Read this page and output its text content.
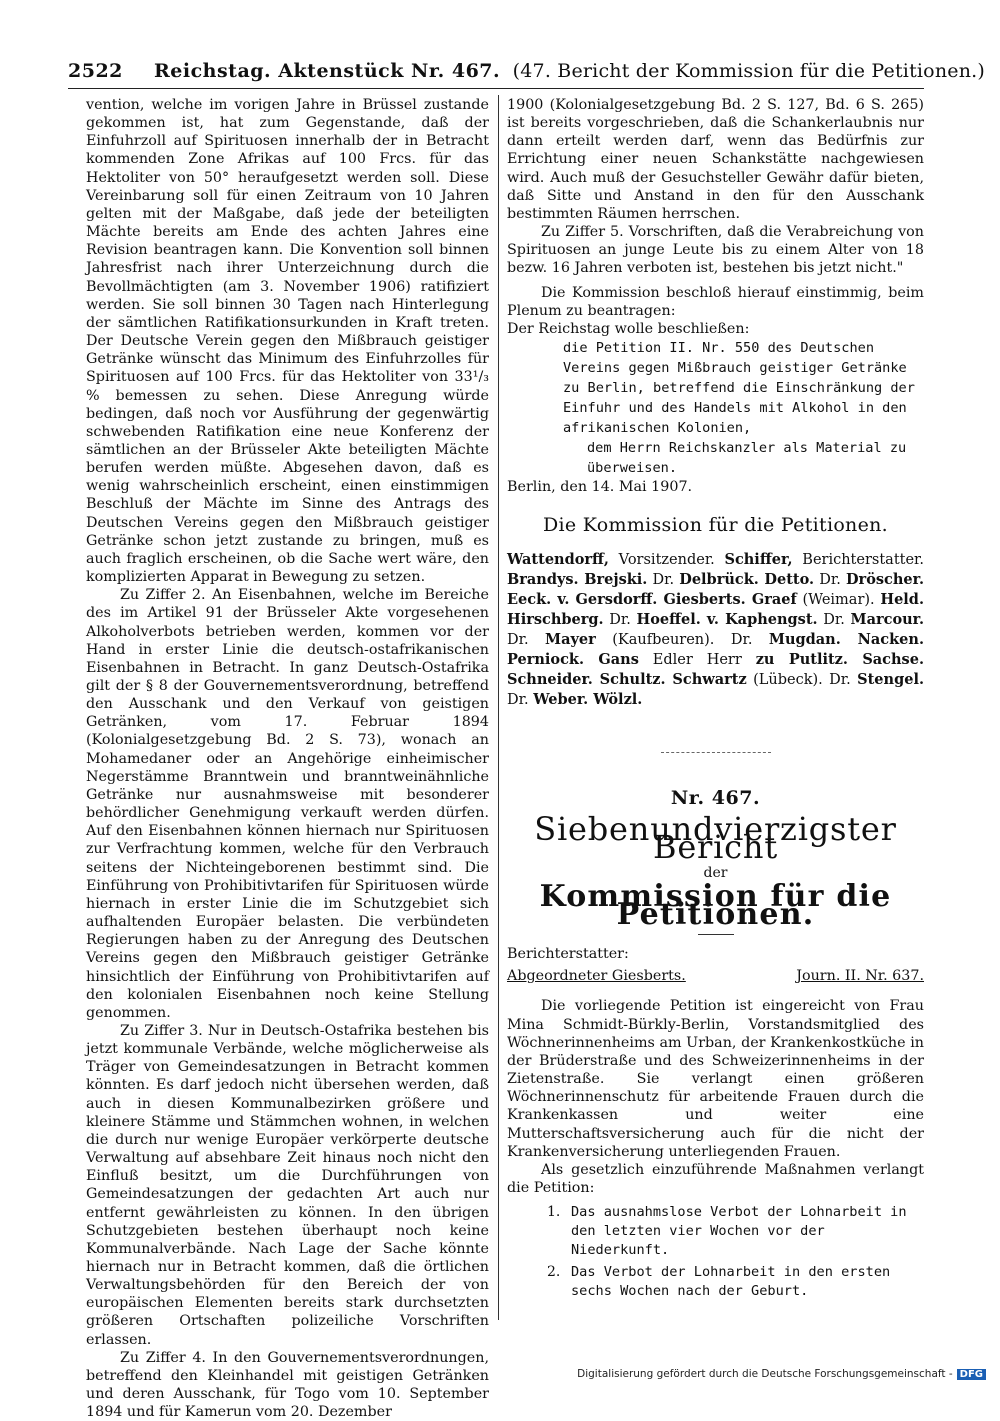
2522 Reichstag. Aktenstück Nr. 467. (47. Bericht der Kommission für die Petitionen.)

vention, welche im vorigen Jahre in Brüssel zustande gekommen ist, hat zum Gegenstande, daß der Einfuhrzoll auf Spirituosen innerhalb der in Betracht kommenden Zone Afrikas auf 100 Frcs. für das Hektoliter von 50° heraufgesetzt werden soll. Diese Vereinbarung soll für einen Zeitraum von 10 Jahren gelten mit der Maßgabe, daß jede der beteiligten Mächte bereits am Ende des achten Jahres eine Revision beantragen kann. Die Konvention soll binnen Jahresfrist nach ihrer Unterzeichnung durch die Bevollmächtigten (am 3. November 1906) ratifiziert werden. Sie soll binnen 30 Tagen nach Hinterlegung der sämtlichen Ratifikationsurkunden in Kraft treten. Der Deutsche Verein gegen den Mißbrauch geistiger Getränke wünscht das Minimum des Einfuhrzolles für Spirituosen auf 100 Frcs. für das Hektoliter von 33¹/₃ % bemessen zu sehen. Diese Anregung würde bedingen, daß noch vor Ausführung der gegenwärtig schwebenden Ratifikation eine neue Konferenz der sämtlichen an der Brüsseler Akte beteiligten Mächte berufen werden müßte. Abgesehen davon, daß es wenig wahrscheinlich erscheint, einen einstimmigen Beschluß der Mächte im Sinne des Antrags des Deutschen Vereins gegen den Mißbrauch geistiger Getränke schon jetzt zustande zu bringen, muß es auch fraglich erscheinen, ob die Sache wert wäre, den komplizierten Apparat in Bewegung zu setzen.

Zu Ziffer 2. An Eisenbahnen, welche im Bereiche des im Artikel 91 der Brüsseler Akte vorgesehenen Alkoholverbots betrieben werden, kommen vor der Hand in erster Linie die deutsch-ostafrikanischen Eisenbahnen in Betracht. In ganz Deutsch-Ostafrika gilt der § 8 der Gouvernementsverordnung, betreffend den Ausschank und den Verkauf von geistigen Getränken, vom 17. Februar 1894 (Kolonialgesetzgebung Bd. 2 S. 73), wonach an Mohamedaner oder an Angehörige einheimischer Negerstämme Branntwein und branntweinähnliche Getränke nur ausnahmsweise mit besonderer behördlicher Genehmigung verkauft werden dürfen. Auf den Eisenbahnen können hiernach nur Spirituosen zur Verfrachtung kommen, welche für den Verbrauch seitens der Nichteingeborenen bestimmt sind. Die Einführung von Prohibitivtarifen für Spirituosen würde hiernach in erster Linie die im Schutzgebiet sich aufhaltenden Europäer belasten. Die verbündeten Regierungen haben zu der Anregung des Deutschen Vereins gegen den Mißbrauch geistiger Getränke hinsichtlich der Einführung von Prohibitivtarifen auf den kolonialen Eisenbahnen noch keine Stellung genommen.

Zu Ziffer 3. Nur in Deutsch-Ostafrika bestehen bis jetzt kommunale Verbände, welche möglicherweise als Träger von Gemeindesatzungen in Betracht kommen könnten. Es darf jedoch nicht übersehen werden, daß auch in diesen Kommunalbezirken größere und kleinere Stämme und Stämmchen wohnen, in welchen die durch nur wenige Europäer verkörperte deutsche Verwaltung auf absehbare Zeit hinaus noch nicht den Einfluß besitzt, um die Durchführungen von Gemeindesatzungen der gedachten Art auch nur entfernt gewährleisten zu können. In den übrigen Schutzgebieten bestehen überhaupt noch keine Kommunalverbände. Nach Lage der Sache könnte hiernach nur in Betracht kommen, daß die örtlichen Verwaltungsbehörden für den Bereich der von europäischen Elementen bereits stark durchsetzten größeren Ortschaften polizeiliche Vorschriften erlassen.

Zu Ziffer 4. In den Gouvernementsverordnungen, betreffend den Kleinhandel mit geistigen Getränken und deren Ausschank, für Togo vom 10. September 1894 und für Kamerun vom 20. Dezember

1900 (Kolonialgesetzgebung Bd. 2 S. 127, Bd. 6 S. 265) ist bereits vorgeschrieben, daß die Schankerlaubnis nur dann erteilt werden darf, wenn das Bedürfnis zur Errichtung einer neuen Schankstätte nachgewiesen wird. Auch muß der Gesuchsteller Gewähr dafür bieten, daß Sitte und Anstand in den für den Ausschank bestimmten Räumen herrschen.

Zu Ziffer 5. Vorschriften, daß die Verabreichung von Spirituosen an junge Leute bis zu einem Alter von 18 bezw. 16 Jahren verboten ist, bestehen bis jetzt nicht."

Die Kommission beschloß hierauf einstimmig, beim Plenum zu beantragen:

Der Reichstag wolle beschließen:

die Petition II. Nr. 550 des Deutschen Vereins gegen Mißbrauch geistiger Getränke zu Berlin, betreffend die Einschränkung der Einfuhr und des Handels mit Alkohol in den afrikanischen Kolonien,
dem Herrn Reichskanzler als Material zu überweisen.

Berlin, den 14. Mai 1907.

Die Kommission für die Petitionen.
Wattendorff, Vorsitzender. Schiffer, Berichterstatter. Brandys. Brejski. Dr. Delbrück. Detto. Dr. Dröscher. Eeck. v. Gersdorff. Giesberts. Graef (Weimar). Held. Hirschberg. Dr. Hoeffel. v. Kaphengst. Dr. Marcour. Dr. Mayer (Kaufbeuren). Dr. Mugdan. Nacken. Perniock. Gans Edler Herr zu Putlitz. Sachse. Schneider. Schultz. Schwartz (Lübeck). Dr. Stengel. Dr. Weber. Wölzl.
Nr. 467.
Siebenundvierzigster Bericht
der
Kommission für die Petitionen.

Berichterstatter:

Abgeordneter Giesberts.	Journ. II. Nr. 637.

Die vorliegende Petition ist eingereicht von Frau Mina Schmidt-Bürkly-Berlin, Vorstandsmitglied des Wöchnerinnenheims am Urban, der Krankenkostküche in der Brüderstraße und des Schweizerinnenheims in der Zietenstraße. Sie verlangt einen größeren Wöchnerinnenschutz für arbeitende Frauen durch die Krankenkassen und weiter eine Mutterschaftsversicherung auch für die nicht der Krankenversicherung unterliegenden Frauen.

Als gesetzlich einzuführende Maßnahmen verlangt die Petition:

1. Das ausnahmslose Verbot der Lohnarbeit in den letzten vier Wochen vor der Niederkunft.
2. Das Verbot der Lohnarbeit in den ersten sechs Wochen nach der Geburt.
Digitalisierung gefördert durch die Deutsche Forschungsgemeinschaft - DFG
